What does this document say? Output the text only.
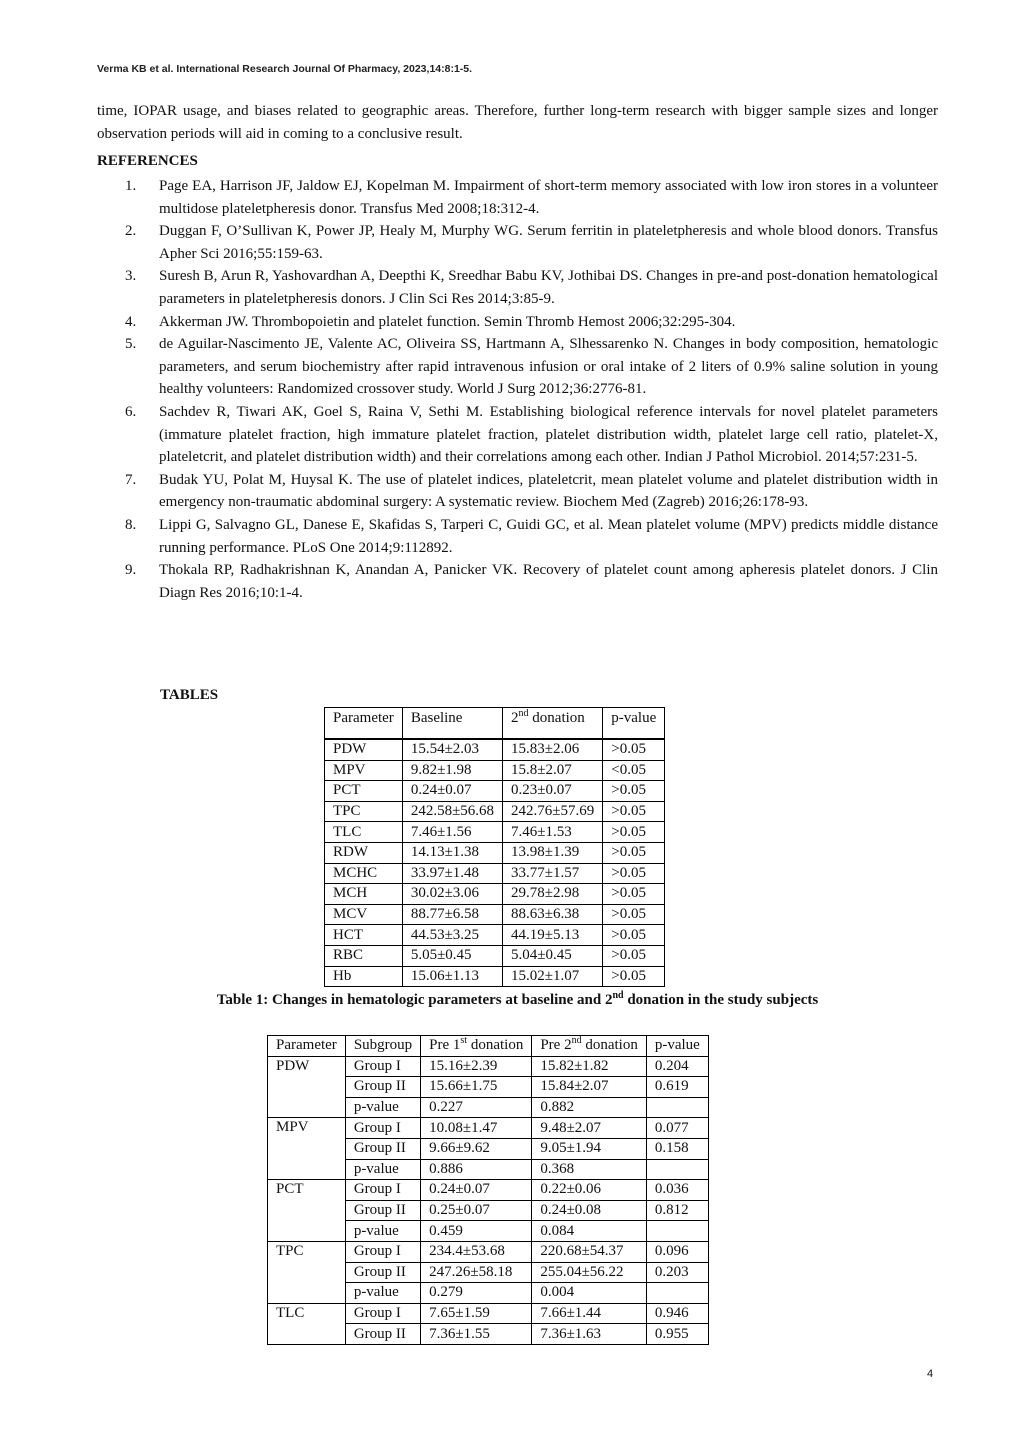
Verma KB et al. International Research Journal Of Pharmacy, 2023,14:8:1-5.

time, IOPAR usage, and biases related to geographic areas. Therefore, further long-term research with bigger sample sizes and longer observation periods will aid in coming to a conclusive result.

REFERENCES
1.	Page EA, Harrison JF, Jaldow EJ, Kopelman M. Impairment of short-term memory associated with low iron stores in a volunteer multidose plateletpheresis donor. Transfus Med 2008;18:312-4.
2.	Duggan F, O’Sullivan K, Power JP, Healy M, Murphy WG. Serum ferritin in plateletpheresis and whole blood donors. Transfus Apher Sci 2016;55:159-63.
3.	Suresh B, Arun R, Yashovardhan A, Deepthi K, Sreedhar Babu KV, Jothibai DS. Changes in pre-and post-donation hematological parameters in plateletpheresis donors. J Clin Sci Res 2014;3:85-9.
4.	Akkerman JW. Thrombopoietin and platelet function. Semin Thromb Hemost 2006;32:295-304.
5.	de Aguilar-Nascimento JE, Valente AC, Oliveira SS, Hartmann A, Slhessarenko N. Changes in body composition, hematologic parameters, and serum biochemistry after rapid intravenous infusion or oral intake of 2 liters of 0.9% saline solution in young healthy volunteers: Randomized crossover study. World J Surg 2012;36:2776-81.
6.	Sachdev R, Tiwari AK, Goel S, Raina V, Sethi M. Establishing biological reference intervals for novel platelet parameters (immature platelet fraction, high immature platelet fraction, platelet distribution width, platelet large cell ratio, platelet-X, plateletcrit, and platelet distribution width) and their correlations among each other. Indian J Pathol Microbiol. 2014;57:231-5.
7.	Budak YU, Polat M, Huysal K. The use of platelet indices, plateletcrit, mean platelet volume and platelet distribution width in emergency non-traumatic abdominal surgery: A systematic review. Biochem Med (Zagreb) 2016;26:178-93.
8.	Lippi G, Salvagno GL, Danese E, Skafidas S, Tarperi C, Guidi GC, et al. Mean platelet volume (MPV) predicts middle distance running performance. PLoS One 2014;9:112892.
9.	Thokala RP, Radhakrishnan K, Anandan A, Panicker VK. Recovery of platelet count among apheresis platelet donors. J Clin Diagn Res 2016;10:1-4.
TABLES
Parameter	Baseline	2nd donation	p-value
PDW	15.54±2.03	15.83±2.06	>0.05
MPV	9.82±1.98	15.8±2.07	<0.05
PCT	0.24±0.07	0.23±0.07	>0.05
TPC	242.58±56.68	242.76±57.69	>0.05
TLC	7.46±1.56	7.46±1.53	>0.05
RDW	14.13±1.38	13.98±1.39	>0.05
MCHC	33.97±1.48	33.77±1.57	>0.05
MCH	30.02±3.06	29.78±2.98	>0.05
MCV	88.77±6.58	88.63±6.38	>0.05
HCT	44.53±3.25	44.19±5.13	>0.05
RBC	5.05±0.45	5.04±0.45	>0.05
Hb	15.06±1.13	15.02±1.07	>0.05
Table 1: Changes in hematologic parameters at baseline and 2nd donation in the study subjects
Parameter	Subgroup	Pre 1st donation	Pre 2nd donation	p-value
PDW	Group I	15.16±2.39	15.82±1.82	0.204
	Group II	15.66±1.75	15.84±2.07	0.619
	p-value	0.227	0.882	
MPV	Group I	10.08±1.47	9.48±2.07	0.077
	Group II	9.66±9.62	9.05±1.94	0.158
	p-value	0.886	0.368	
PCT	Group I	0.24±0.07	0.22±0.06	0.036
	Group II	0.25±0.07	0.24±0.08	0.812
	p-value	0.459	0.084	
TPC	Group I	234.4±53.68	220.68±54.37	0.096
	Group II	247.26±58.18	255.04±56.22	0.203
	p-value	0.279	0.004	
TLC	Group I	7.65±1.59	7.66±1.44	0.946
	Group II	7.36±1.55	7.36±1.63	0.955
4
